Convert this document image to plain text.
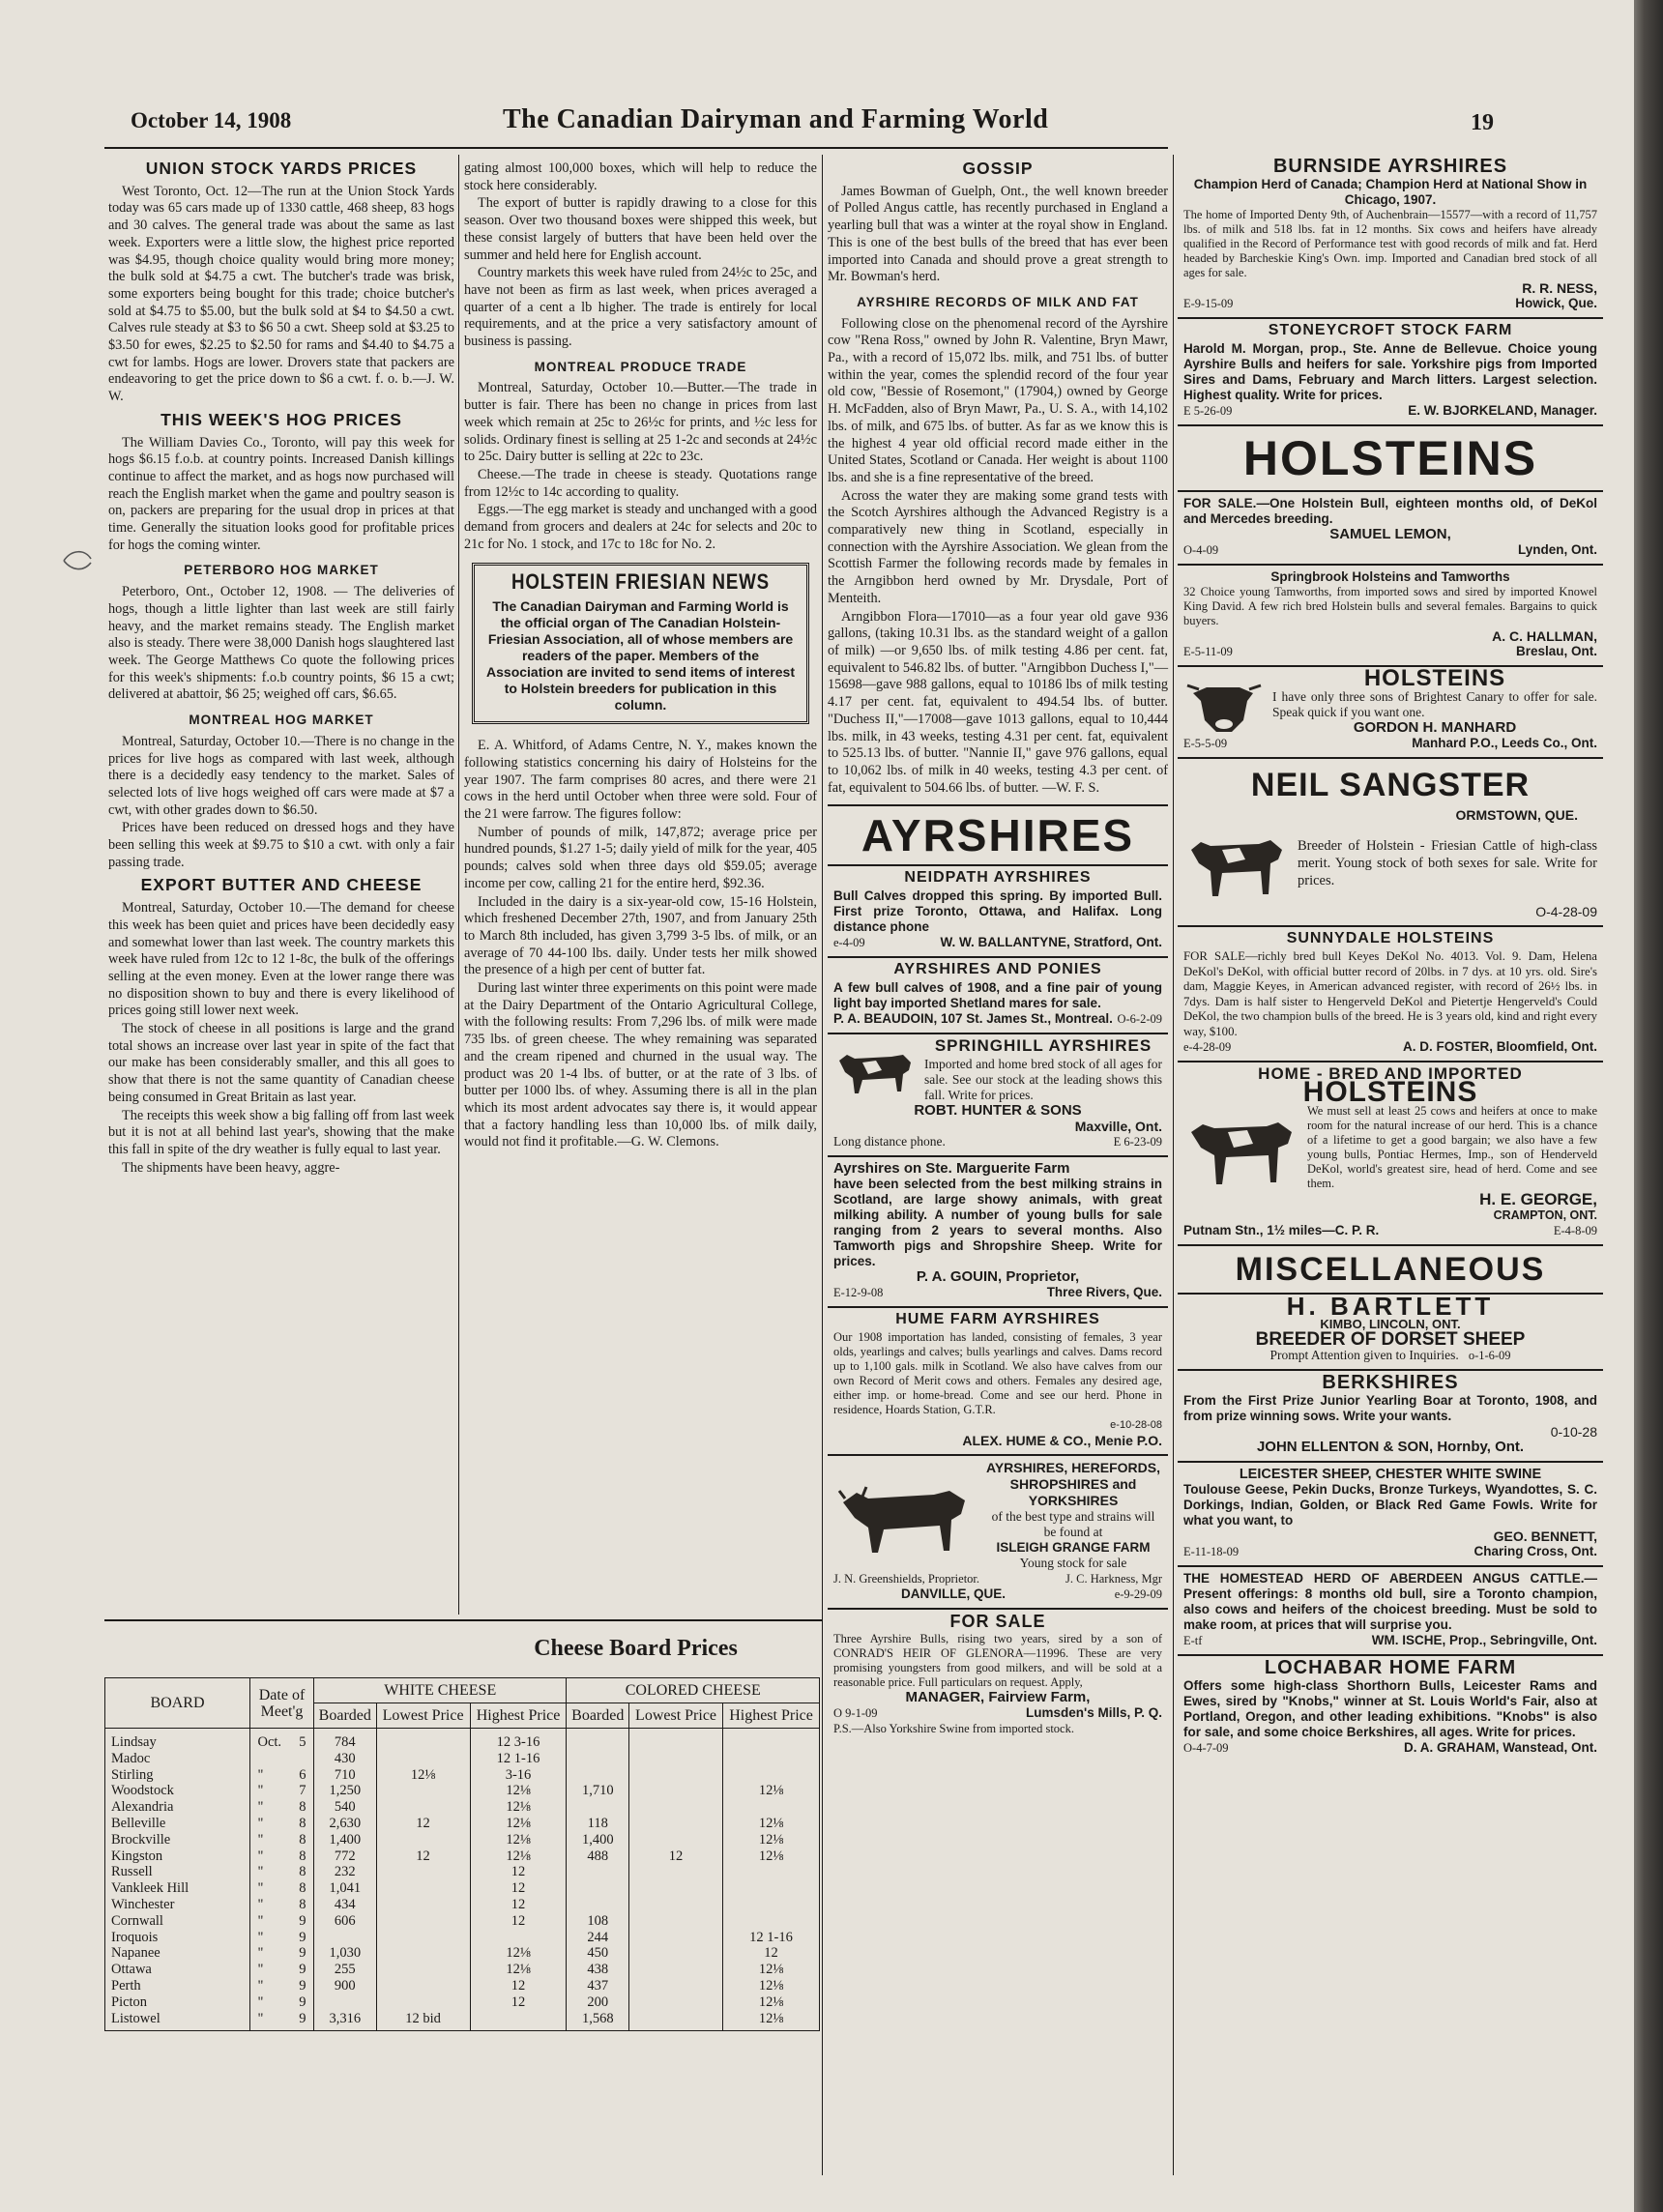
October 14, 1908	The Canadian Dairyman and Farming World	19
UNION STOCK YARDS PRICES

West Toronto, Oct. 12—The run at the Union Stock Yards today was 65 cars made up of 1330 cattle, 468 sheep, 83 hogs and 30 calves. The general trade was about the same as last week. Exporters were a little slow, the highest price reported was $4.95, though choice quality would bring more money; the bulk sold at $4.75 a cwt. The butcher's trade was brisk, some exporters being bought for this trade; choice butcher's sold at $4.75 to $5.00, but the bulk sold at $4 to $4.50 a cwt. Calves rule steady at $3 to $6 50 a cwt. Sheep sold at $3.25 to $3.50 for ewes, $2.25 to $2.50 for rams and $4.40 to $4.75 a cwt for lambs. Hogs are lower. Drovers state that packers are endeavoring to get the price down to $6 a cwt. f. o. b.—J. W. W.

THIS WEEK'S HOG PRICES

The William Davies Co., Toronto, will pay this week for hogs $6.15 f.o.b. at country points. Increased Danish killings continue to affect the market, and as hogs now purchased will reach the English market when the game and poultry season is on, packers are preparing for the usual drop in prices at that time. Generally the situation looks good for profitable prices for hogs the coming winter.

PETERBORO HOG MARKET

Peterboro, Ont., October 12, 1908. — The deliveries of hogs, though a little lighter than last week are still fairly heavy, and the market remains steady. The English market also is steady. There were 38,000 Danish hogs slaughtered last week. The George Matthews Co quote the following prices for this week's shipments: f.o.b country points, $6 15 a cwt; delivered at abattoir, $6 25; weighed off cars, $6.65.

MONTREAL HOG MARKET

Montreal, Saturday, October 10.—There is no change in the prices for live hogs as compared with last week, although there is a decidedly easy tendency to the market. Sales of selected lots of live hogs weighed off cars were made at $7 a cwt, with other grades down to $6.50.

Prices have been reduced on dressed hogs and they have been selling this week at $9.75 to $10 a cwt. with only a fair passing trade.

EXPORT BUTTER AND CHEESE

Montreal, Saturday, October 10.—The demand for cheese this week has been quiet and prices have been decidedly easy and somewhat lower than last week. The country markets this week have ruled from 12c to 12 1-8c, the bulk of the offerings selling at the even money. Even at the lower range there was no disposition shown to buy and there is every likelihood of prices going still lower next week.

The stock of cheese in all positions is large and the grand total shows an increase over last year in spite of the fact that our make has been considerably smaller, and this all goes to show that there is not the same quantity of Canadian cheese being consumed in Great Britain as last year.

The receipts this week show a big falling off from last week but it is not at all behind last year's, showing that the make this fall in spite of the dry weather is fully equal to last year.

The shipments have been heavy, aggre-

gating almost 100,000 boxes, which will help to reduce the stock here considerably.

The export of butter is rapidly drawing to a close for this season. Over two thousand boxes were shipped this week, but these consist largely of butters that have been held over the summer and held here for English account.

Country markets this week have ruled from 24½c to 25c, and have not been as firm as last week, when prices averaged a quarter of a cent a lb higher. The trade is entirely for local requirements, and at the price a very satisfactory amount of business is passing.

MONTREAL PRODUCE TRADE

Montreal, Saturday, October 10.—Butter.—The trade in butter is fair. There has been no change in prices from last week which remain at 25c to 26½c for prints, and ½c less for solids. Ordinary finest is selling at 25 1-2c and seconds at 24½c to 25c. Dairy butter is selling at 22c to 23c.

Cheese.—The trade in cheese is steady. Quotations range from 12½c to 14c according to quality.

Eggs.—The egg market is steady and unchanged with a good demand from grocers and dealers at 24c for selects and 20c to 21c for No. 1 stock, and 17c to 18c for No. 2.

HOLSTEIN FRIESIAN NEWS
The Canadian Dairyman and Farming World is the official organ of The Canadian Holstein-Friesian Association, all of whose members are readers of the paper. Members of the Association are invited to send items of interest to Holstein breeders for publication in this column.

E. A. Whitford, of Adams Centre, N. Y., makes known the following statistics concerning his dairy of Holsteins for the year 1907. The farm comprises 80 acres, and there were 21 cows in the herd until October when three were sold. Four of the 21 were farrow. The figures follow:

Number of pounds of milk, 147,872; average price per hundred pounds, $1.27 1-5; daily yield of milk for the year, 405 pounds; calves sold when three days old $59.05; average income per cow, calling 21 for the entire herd, $92.36.

Included in the dairy is a six-year-old cow, 15-16 Holstein, which freshened December 27th, 1907, and from January 25th to March 8th included, has given 3,799 3-5 lbs. of milk, or an average of 70 44-100 lbs. daily. Under tests her milk showed the presence of a high per cent of butter fat.

During last winter three experiments on this point were made at the Dairy Department of the Ontario Agricultural College, with the following results: From 7,296 lbs. of milk were made 735 lbs. of green cheese. The whey remaining was separated and the cream ripened and churned in the usual way. The product was 20 1-4 lbs. of butter, or at the rate of 3 lbs. of butter per 1000 lbs. of whey. Assuming there is all in the plan which its most ardent advocates say there is, it would appear that a factory handling less than 10,000 lbs. of milk daily, would not find it profitable.—G. W. Clemons.

GOSSIP

James Bowman of Guelph, Ont., the well known breeder of Polled Angus cattle, has recently purchased in England a yearling bull that was a winter at the royal show in England. This is one of the best bulls of the breed that has ever been imported into Canada and should prove a great strength to Mr. Bowman's herd.

AYRSHIRE RECORDS OF MILK AND FAT

Following close on the phenomenal record of the Ayrshire cow "Rena Ross," owned by John R. Valentine, Bryn Mawr, Pa., with a record of 15,072 lbs. milk, and 751 lbs. of butter within the year, comes the splendid record of the four year old cow, "Bessie of Rosemont," (17904,) owned by George H. McFadden, also of Bryn Mawr, Pa., U. S. A., with 14,102 lbs. of milk, and 675 lbs. of butter. As far as we know this is the highest 4 year old official record made either in the United States, Scotland or Canada. Her weight is about 1100 lbs. and she is a fine representative of the breed.

Across the water they are making some grand tests with the Scotch Ayrshires although the Advanced Registry is a comparatively new thing in Scotland, especially in connection with the Ayrshire Association. We glean from the Scottish Farmer the following records made by females in the Arngibbon herd owned by Mr. Drysdale, Port of Menteith.

Arngibbon Flora—17010—as a four year old gave 936 gallons, (taking 10.31 lbs. as the standard weight of a gallon of milk) —or 9,650 lbs. of milk testing 4.86 per cent. fat, equivalent to 546.82 lbs. of butter. "Arngibbon Duchess I,"—15698—gave 988 gallons, equal to 10186 lbs of milk testing 4.17 per cent. fat, equivalent to 494.54 lbs. of butter. "Duchess II,"—17008—gave 1013 gallons, equal to 10,444 lbs. milk, in 43 weeks, testing 4.31 per cent. fat, equivalent to 525.13 lbs. of butter. "Nannie II," gave 976 gallons, equal to 10,062 lbs. of milk in 40 weeks, testing 4.3 per cent. of fat, equivalent to 504.66 lbs. of butter. —W. F. S.

AYRSHIRES
NEIDPATH AYRSHIRES
Bull Calves dropped this spring. By imported Bull. First prize Toronto, Ottawa, and Halifax. Long distance phone
e-4-09	W. W. BALLANTYNE, Stratford, Ont.
AYRSHIRES AND PONIES
A few bull calves of 1908, and a fine pair of young light bay imported Shetland mares for sale.
P. A. BEAUDOIN, 107 St. James St., Montreal. O-6-2-09
SPRINGHILL AYRSHIRES
Imported and home bred stock of all ages for sale. See our stock at the leading shows this fall. Write for prices.
ROBT. HUNTER & SONS
Maxville, Ont.
Long distance phone.	E 6-23-09
Ayrshires on Ste. Marguerite Farm
have been selected from the best milking strains in Scotland, are large showy animals, with great milking ability. A number of young bulls for sale ranging from 2 years to several months. Also Tamworth pigs and Shropshire Sheep. Write for prices.
P. A. GOUIN, Proprietor,
E-12-9-08	Three Rivers, Que.
HUME FARM AYRSHIRES
Our 1908 importation has landed, consisting of females, 3 year olds, yearlings and calves; bulls yearlings and calves. Dams record up to 1,100 gals. milk in Scotland. We also have calves from our own Record of Merit cows and others. Females any desired age, either imp. or home-bread. Come and see our herd. Phone in residence, Hoards Station, G.T.R.
e-10-28-08
ALEX. HUME & CO., Menie P.O.
AYRSHIRES, HEREFORDS, SHROPSHIRES and YORKSHIRES
of the best type and strains will be found at
ISLEIGH GRANGE FARM
Young stock for sale
J. N. Greenshields, Proprietor.	J. C. Harkness, Mgr
DANVILLE, QUE.	e-9-29-09
FOR SALE
Three Ayrshire Bulls, rising two years, sired by a son of CONRAD'S HEIR OF GLENORA—11996. These are very promising youngsters from good milkers, and will be sold at a reasonable price. Full particulars on request. Apply,
MANAGER, Fairview Farm,
O 9-1-09	Lumsden's Mills, P. Q.
P.S.—Also Yorkshire Swine from imported stock.
BURNSIDE AYRSHIRES
Champion Herd of Canada; Champion Herd at National Show in Chicago, 1907.
The home of Imported Denty 9th, of Auchenbrain—15577—with a record of 11,757 lbs. of milk and 518 lbs. fat in 12 months. Six cows and heifers have already qualified in the Record of Performance test with good records of milk and fat. Herd headed by Barcheskie King's Own. imp. Imported and Canadian bred stock of all ages for sale.
R. R. NESS,
E-9-15-09	Howick, Que.
STONEYCROFT STOCK FARM
Harold M. Morgan, prop., Ste. Anne de Bellevue. Choice young Ayrshire Bulls and heifers for sale. Yorkshire pigs from Imported Sires and Dams, February and March litters. Largest selection. Highest quality. Write for prices.
E 5-26-09	E. W. BJORKELAND, Manager.
HOLSTEINS
FOR SALE.—One Holstein Bull, eighteen months old, of DeKol and Mercedes breeding.
SAMUEL LEMON,
O-4-09	Lynden, Ont.
Springbrook Holsteins and Tamworths
32 Choice young Tamworths, from imported sows and sired by imported Knowel King David. A few rich bred Holstein bulls and several females. Bargains to quick buyers.
A. C. HALLMAN,
E-5-11-09	Breslau, Ont.
HOLSTEINS
I have only three sons of Brightest Canary to offer for sale. Speak quick if you want one.
GORDON H. MANHARD
E-5-5-09	Manhard P.O., Leeds Co., Ont.
NEIL SANGSTER
ORMSTOWN, QUE.
Breeder of Holstein - Friesian Cattle of high-class merit. Young stock of both sexes for sale. Write for prices.
O-4-28-09
SUNNYDALE HOLSTEINS
FOR SALE—richly bred bull Keyes DeKol No. 4013. Vol. 9. Dam, Helena DeKol's DeKol, with official butter record of 20lbs. in 7 dys. at 10 yrs. old. Sire's dam, Maggie Keyes, in American advanced register, with record of 26½ lbs. in 7dys. Dam is half sister to Hengerveld DeKol and Pietertje Hengerveld's Could DeKol, the two champion bulls of the breed. He is 3 years old, kind and right every way, $100.
e-4-28-09	A. D. FOSTER, Bloomfield, Ont.
HOME - BRED AND IMPORTED
HOLSTEINS
We must sell at least 25 cows and heifers at once to make room for the natural increase of our herd. This is a chance of a lifetime to get a good bargain; we also have a few young bulls, Pontiac Hermes, Imp., son of Henderveld DeKol, world's greatest sire, head of herd. Come and see them.
H. E. GEORGE,
CRAMPTON, ONT.
Putnam Stn., 1½ miles—C. P. R.	E-4-8-09
MISCELLANEOUS
H. BARTLETT
KIMBO, LINCOLN, ONT.
BREEDER OF DORSET SHEEP
Prompt Attention given to Inquiries. o-1-6-09
BERKSHIRES
From the First Prize Junior Yearling Boar at Toronto, 1908, and from prize winning sows. Write your wants.
0-10-28
JOHN ELLENTON & SON, Hornby, Ont.
LEICESTER SHEEP, CHESTER WHITE SWINE
Toulouse Geese, Pekin Ducks, Bronze Turkeys, Wyandottes, S. C. Dorkings, Indian, Golden, or Black Red Game Fowls. Write for what you want, to
GEO. BENNETT,
E-11-18-09	Charing Cross, Ont.
THE HOMESTEAD HERD OF ABERDEEN ANGUS CATTLE.—Present offerings: 8 months old bull, sire a Toronto champion, also cows and heifers of the choicest breeding. Must be sold to make room, at prices that will surprise you.
E-tf	WM. ISCHE, Prop., Sebringville, Ont.
LOCHABAR HOME FARM
Offers some high-class Shorthorn Bulls, Leicester Rams and Ewes, sired by "Knobs," winner at St. Louis World's Fair, also at Portland, Oregon, and other leading exhibitions. "Knobs" is also for sale, and some choice Berkshires, all ages. Write for prices.
O-4-7-09	D. A. GRAHAM, Wanstead, Ont.
Cheese Board Prices
BOARD	Date of Meet'g	WHITE CHEESE			COLORED CHEESE		
		Boarded	Lowest Price	Highest Price	Boarded	Lowest Price	Highest Price
Lindsay	Oct. 5	784		12 3-16			
Madoc		430		12 1-16			
Stirling	" 6	710	12⅛	3-16			
Woodstock	" 7	1,250		12⅛	1,710		12⅛
Alexandria	" 8	540		12⅛			
Belleville	" 8	2,630	12	12⅛	118		12⅛
Brockville	" 8	1,400		12⅛	1,400		12⅛
Kingston	" 8	772	12	12⅛	488	12	12⅛
Russell	" 8	232		12			
Vankleek Hill	" 8	1,041		12			
Winchester	" 8	434		12			
Cornwall	" 9	606		12	108		
Iroquois	" 9				244		12 1-16
Napanee	" 9	1,030		12⅛	450		12
Ottawa	" 9	255		12⅛	438		12⅛
Perth	" 9	900		12	437		12⅛
Picton	" 9			12	200		12⅛
Listowel	" 9	3,316	12 bid		1,568		12⅛
